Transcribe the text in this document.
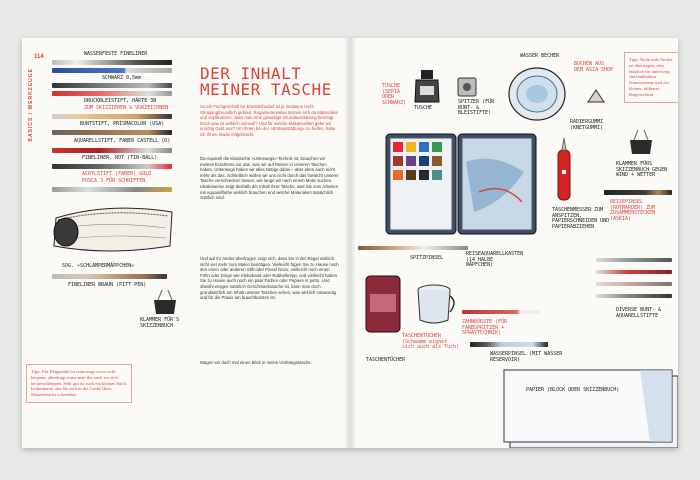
114
BASICS / WERKZEUGE
WASSERFESTE FINELINER
SCHWARZ 0,5mm
DRUCKBLEISTIFT, HÄRTE 3B
ZUM SKIZZIEREN & VORZEICHNEN
BUNTSTIFT, PRISMACOLOR (USA)
AQUARELLSTIFT, FABER CASTELL (D)
FINELINER, ROT (TIN-BALL)
ACRYLSTIFT (FABER) GOLD
POSCA 3 FÜR SCHRIFTEN
SOG. »SCHLAMPERMÄPPCHEN«
FINELINER BRAUN (PITT PEN)
KLAMMER FÜR'S SKIZZENBUCH
DER INHALT MEINER TASCHE
So ein Fachgeschäft für Künstlerbedarf ist ja meistens recht Shoppingfreundlich gebaut. Regalmeterweise türmen sich da Materialien und Implikatoren, dass man eine gewaltige Grundausstattung benötigt. Doch was ist wirklich sinnvoll? Und für welche Malutensilien gebe wir unnötig Geld aus? Um Ihnen bei der »Erstausstattung« zu helfen, habe ich Ihnen etwas mitgebracht.
Da Aquarell die klassische »Unterwegs«-Technik ist, brauchen wir meines Erachtens nur das, was wir auf Reisen in unseren Taschen haben. Unterwegs haben wir alles Nötige dabei – aber eben auch nicht mehr als das. Schließlich wollen wir uns nicht durch das Gewicht unserer Tasche verschrecken lassen, wie lange wir nach einem Motiv suchen. Idealerweise zeigt deshalb der Inhalt Ihrer Tasche, was Sie zum Arbeiten mit Aquarellfarbe wirklich brauchen und welche Materialien tatsächlich nützlich sind.
Und auf Ihr Atelier übertragen zeigt sich, dass Sie in der Regel wirklich nicht viel mehr zum Malen benötigen. Vielleicht fügen Sie zu Hause noch den einen oder anderen Stift oder Pinsel hinzu, vielleicht noch einen Föhn oder Dinge wie Klebeband oder Rubbelkrepp, und vielleicht haben Sie zu Hause auch noch ein paar Farben oder Papiere in petto. Und obwohl einiges natürlich Geschmackssache ist, kann man doch grundsätzlich am Inhalt unserer Taschen sehen, was wirklich notwendig und für die Praxis am brauchbarsten ist.
Wagen wir doch mal einen Blick in meine Umhängetasche.
Tipp: Ein Klappstuhl ist unterwegs zwar recht bequem, allerdings muss man ihn auch wo sich herumschleppen. Sehr gut ist auch ein kleines Stück Isoliermatte, das Sie sich in die Größe Ihres Skizzenbuchs schneiden.
TUSCHE (SEPIA ODER SCHWARZ)
TUSCHE
SPITZER (FÜR BUNT- & BLEISTIFTE)
WASSER BECHER
BUCHEN AUS DEM ASIA SHOP
RADIERGUMMI (KNETGUMMI)
Tipp: Nicht aufs Atelier zu übertragen, aber nützlich für unterwegs sind außerdem Sonnencreme und ein kleiner, faltbarer Regenschirm.
KLAMMER FÜRS SKIZZENBUCH GEGEN WIND + WETTER
TASCHENMESSER ZUM ANSPITZEN, PAPIERSCHNEIDEN UND PAPIERABZIEHEN
REISEPINSEL (ROTMARDER) ZUM ZUSAMMENSTECKEN (ASKIA)
SPITZPINSEL
REISEAQUARELLKASTEN (14 HALBE NÄPFCHEN)
TASCHENTÜCHER
TASCHENTUCHER (Schwamm eignet sich auch als Tuch)
ZAHNBÜRSTE (FÜR FARBSPRITZER + SPRAYTECHNIK)
WASSERPINSEL (MIT WASSER RESERVOIR)
DIVERSE BUNT- & AQUARELLSTIFTE
PAPIER (BLOCK ODER SKIZZENBUCH)
